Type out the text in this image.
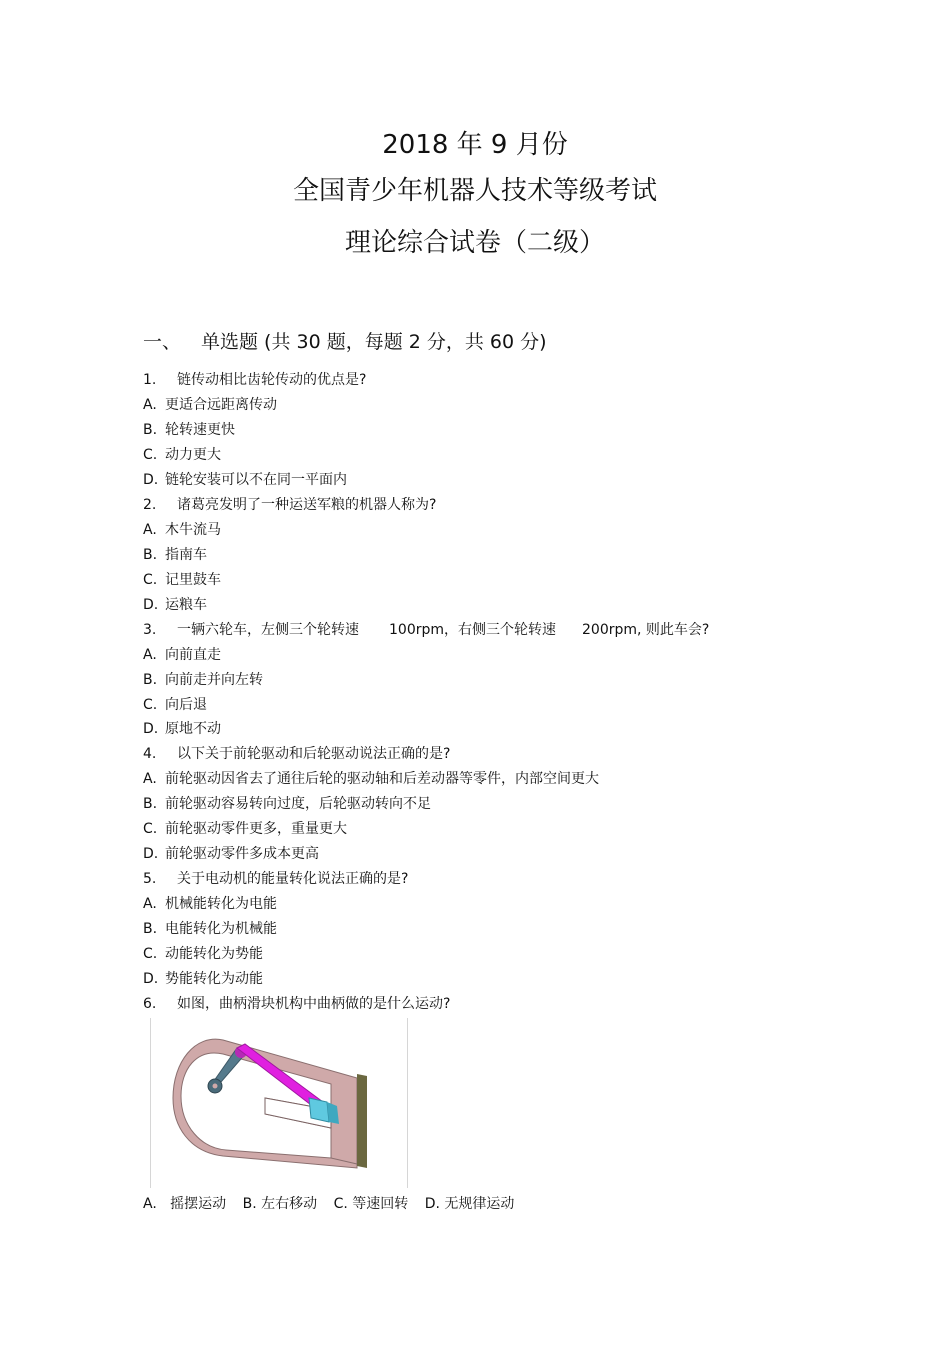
2018 年 9 月份
全国青少年机器人技术等级考试
理论综合试卷（二级）
一、 单选题 (共 30 题，每题 2 分，共 60 分)
1. 链传动相比齿轮传动的优点是?
A. 更适合远距离传动
B. 轮转速更快
C. 动力更大
D. 链轮安装可以不在同一平面内
2. 诸葛亮发明了一种运送军粮的机器人称为?
A. 木牛流马
B. 指南车
C. 记里鼓车
D. 运粮车
3. 一辆六轮车，左侧三个轮转速 100rpm，右侧三个轮转速 200rpm, 则此车会?
A. 向前直走
B. 向前走并向左转
C. 向后退
D. 原地不动
4. 以下关于前轮驱动和后轮驱动说法正确的是?
A. 前轮驱动因省去了通往后轮的驱动轴和后差动器等零件，内部空间更大
B. 前轮驱动容易转向过度，后轮驱动转向不足
C. 前轮驱动零件更多，重量更大
D. 前轮驱动零件多成本更高
5. 关于电动机的能量转化说法正确的是?
A. 机械能转化为电能
B. 电能转化为机械能
C. 动能转化为势能
D. 势能转化为动能
6. 如图，曲柄滑块机构中曲柄做的是什么运动?
A. 摇摆运动 B. 左右移动 C. 等速回转 D. 无规律运动
